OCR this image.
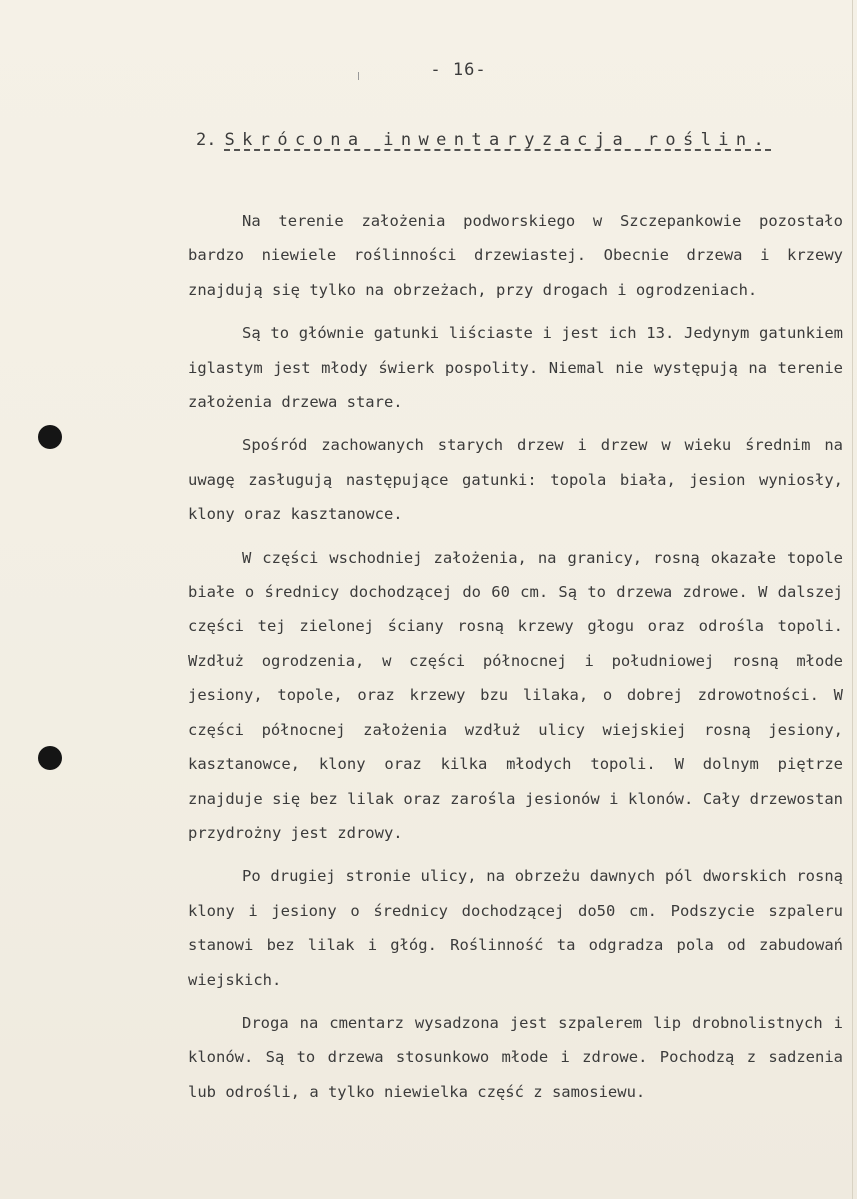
- 16-
2. Skrócona inwentaryzacja roślin.

Na terenie założenia podworskiego w Szczepankowie pozostało bardzo niewiele roślinności drzewiastej. Obecnie drzewa i krzewy znajdują się tylko na obrzeżach, przy drogach i ogrodzeniach.

Są to głównie gatunki liściaste i jest ich 13. Jedynym gatunkiem iglastym jest młody świerk pospolity. Niemal nie występują na terenie założenia drzewa stare.

Spośród zachowanych starych drzew i drzew w wieku średnim na uwagę zasługują następujące gatunki: topola biała, jesion wyniosły, klony oraz kasztanowce.

W części wschodniej założenia, na granicy, rosną okazałe topole białe o średnicy dochodzącej do 60 cm. Są to drzewa zdrowe. W dalszej części tej zielonej ściany rosną krzewy głogu oraz odrośla topoli. Wzdłuż ogrodzenia, w części północnej i południowej rosną młode jesiony, topole, oraz krzewy bzu lilaka, o dobrej zdrowotności. W części północnej założenia wzdłuż ulicy wiejskiej rosną jesiony, kasztanowce, klony oraz kilka młodych topoli. W dolnym piętrze znajduje się bez lilak oraz zarośla jesionów i klonów. Cały drzewostan przydrożny jest zdrowy.

Po drugiej stronie ulicy, na obrzeżu dawnych pól dworskich rosną klony i jesiony o średnicy dochodzącej do50 cm. Podszycie szpaleru stanowi bez lilak i głóg. Roślinność ta odgradza pola od zabudowań wiejskich.

Droga na cmentarz wysadzona jest szpalerem lip drobnolistnych i klonów. Są to drzewa stosunkowo młode i zdrowe. Pochodzą z sadzenia lub odrośli, a tylko niewielka część z samosiewu.
